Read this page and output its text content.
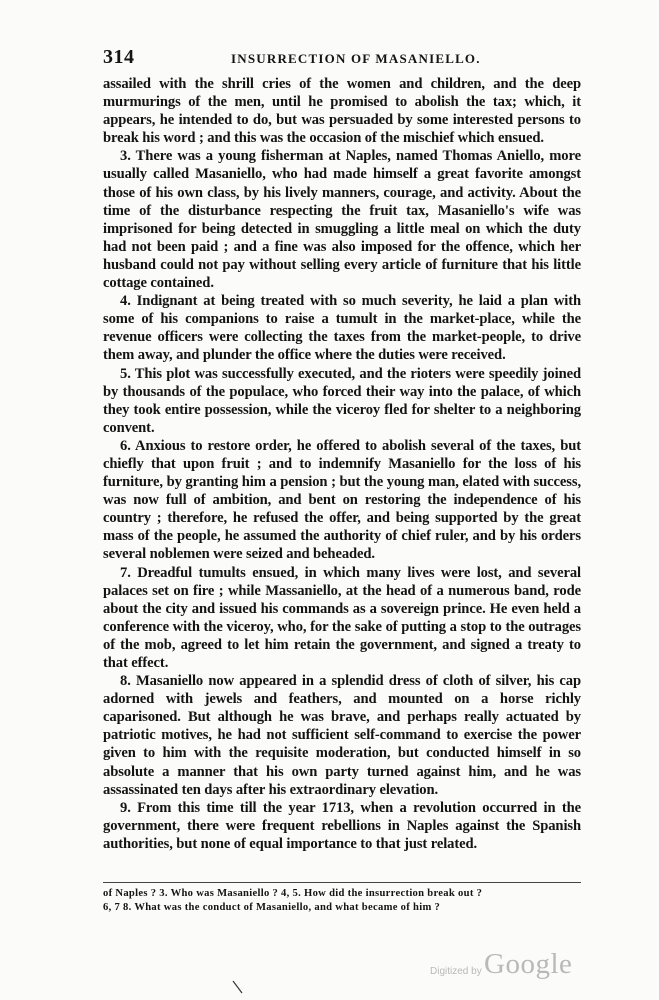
314	INSURRECTION OF MASANIELLO.

assailed with the shrill cries of the women and children, and the deep murmurings of the men, until he promised to abolish the tax; which, it appears, he intended to do, but was persuaded by some interested persons to break his word ; and this was the occasion of the mischief which ensued.

3. There was a young fisherman at Naples, named Thomas Aniello, more usually called Masaniello, who had made himself a great favorite amongst those of his own class, by his lively manners, courage, and activity. About the time of the disturbance respecting the fruit tax, Masaniello's wife was imprisoned for being detected in smuggling a little meal on which the duty had not been paid ; and a fine was also imposed for the offence, which her husband could not pay without selling every article of furniture that his little cottage contained.

4. Indignant at being treated with so much severity, he laid a plan with some of his companions to raise a tumult in the market-place, while the revenue officers were collecting the taxes from the market-people, to drive them away, and plunder the office where the duties were received.

5. This plot was successfully executed, and the rioters were speedily joined by thousands of the populace, who forced their way into the palace, of which they took entire possession, while the viceroy fled for shelter to a neighboring convent.

6. Anxious to restore order, he offered to abolish several of the taxes, but chiefly that upon fruit ; and to indemnify Masaniello for the loss of his furniture, by granting him a pension ; but the young man, elated with success, was now full of ambition, and bent on restoring the independence of his country ; therefore, he refused the offer, and being supported by the great mass of the people, he assumed the authority of chief ruler, and by his orders several noblemen were seized and beheaded.

7. Dreadful tumults ensued, in which many lives were lost, and several palaces set on fire ; while Massaniello, at the head of a numerous band, rode about the city and issued his commands as a sovereign prince. He even held a conference with the viceroy, who, for the sake of putting a stop to the outrages of the mob, agreed to let him retain the government, and signed a treaty to that effect.

8. Masaniello now appeared in a splendid dress of cloth of silver, his cap adorned with jewels and feathers, and mounted on a horse richly caparisoned. But although he was brave, and perhaps really actuated by patriotic motives, he had not sufficient self-command to exercise the power given to him with the requisite moderation, but conducted himself in so absolute a manner that his own party turned against him, and he was assassinated ten days after his extraordinary elevation.

9. From this time till the year 1713, when a revolution occurred in the government, there were frequent rebellions in Naples against the Spanish authorities, but none of equal importance to that just related.

of Naples ? 3. Who was Masaniello ? 4, 5. How did the insurrection break out ?
6, 7 8. What was the conduct of Masaniello, and what became of him ?
Digitized by Google
